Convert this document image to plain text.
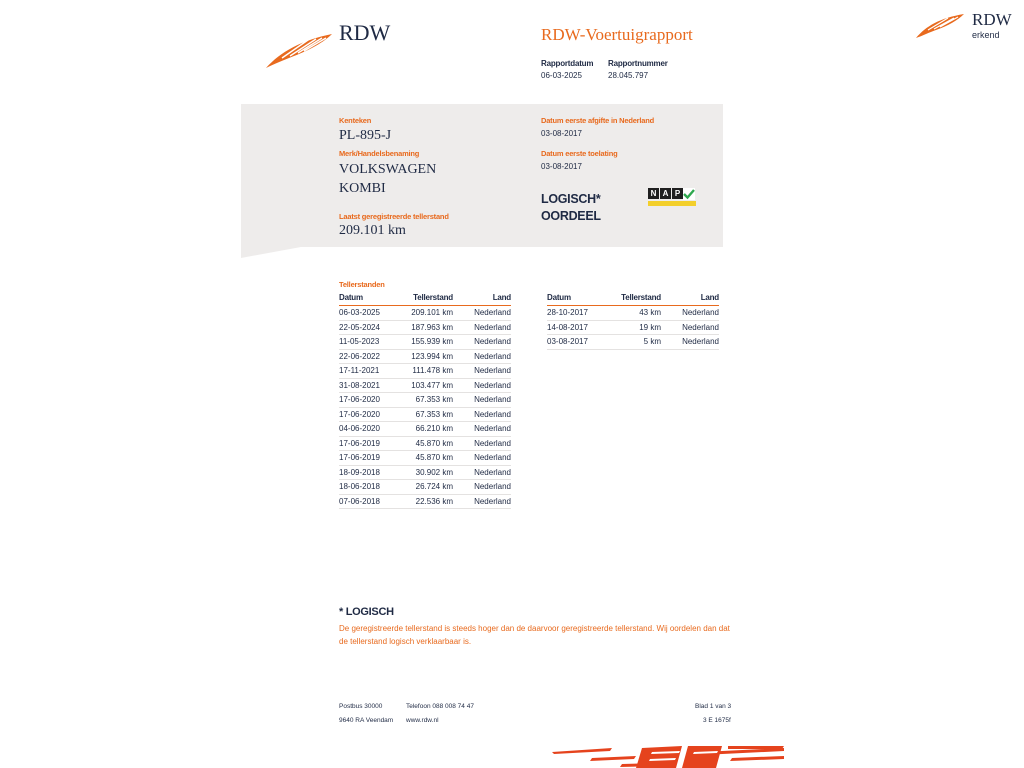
RDW
erkend
RDW	RDW-Voertuigrapport
Rapportdatum
06-03-2025
Rapportnummer
28.045.797
Kenteken
PL-895-J
Merk/Handelsbenaming
VOLKSWAGEN
KOMBI
Laatst geregistreerde tellerstand
209.101 km
Datum eerste afgifte in Nederland
03-08-2017
Datum eerste toelating
03-08-2017
LOGISCH*
OORDEEL
N A P
Tellerstanden
Datum	Tellerstand	Land
06-03-2025	209.101 km	Nederland
22-05-2024	187.963 km	Nederland
11-05-2023	155.939 km	Nederland
22-06-2022	123.994 km	Nederland
17-11-2021	111.478 km	Nederland
31-08-2021	103.477 km	Nederland
17-06-2020	67.353 km	Nederland
17-06-2020	67.353 km	Nederland
04-06-2020	66.210 km	Nederland
17-06-2019	45.870 km	Nederland
17-06-2019	45.870 km	Nederland
18-09-2018	30.902 km	Nederland
18-06-2018	26.724 km	Nederland
07-06-2018	22.536 km	Nederland
Datum	Tellerstand	Land
28-10-2017	43 km	Nederland
14-08-2017	19 km	Nederland
03-08-2017	5 km	Nederland
* LOGISCH
De geregistreerde tellerstand is steeds hoger dan de daarvoor geregistreerde tellerstand. Wij oordelen dan dat de tellerstand logisch verklaarbaar is.
Postbus 30000
9640 RA Veendam
Telefoon 088 008 74 47
www.rdw.nl
Blad 1 van 3
3 E 1675f
